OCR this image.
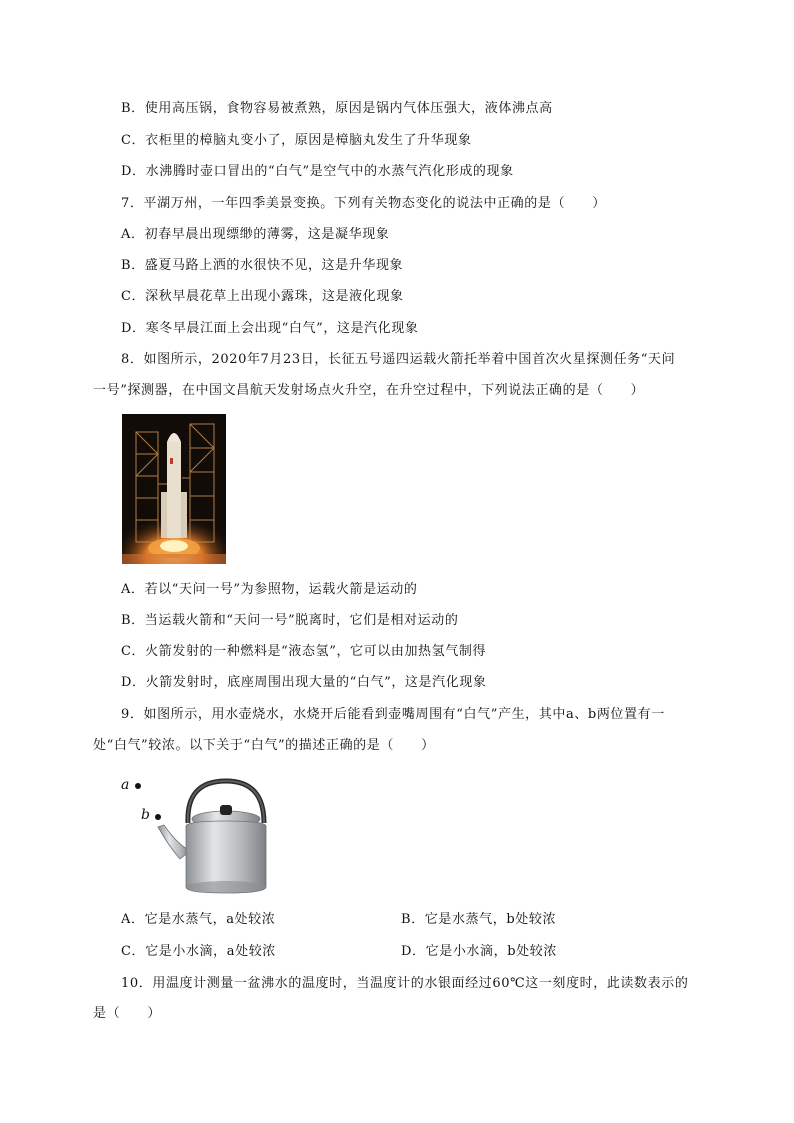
B．使用高压锅，食物容易被煮熟，原因是锅内气体压强大，液体沸点高
C．衣柜里的樟脑丸变小了，原因是樟脑丸发生了升华现象
D．水沸腾时壶口冒出的“白气”是空气中的水蒸气汽化形成的现象
7．平湖万州，一年四季美景变换。下列有关物态变化的说法中正确的是（　　）
A．初春早晨出现缥缈的薄雾，这是凝华现象
B．盛夏马路上洒的水很快不见，这是升华现象
C．深秋早晨花草上出现小露珠，这是液化现象
D．寒冬早晨江面上会出现“白气”，这是汽化现象
8．如图所示，2020年7月23日，长征五号遥四运载火箭托举着中国首次火星探测任务“天问
一号”探测器，在中国文昌航天发射场点火升空，在升空过程中，下列说法正确的是（　　）
A．若以“天问一号”为参照物，运载火箭是运动的
B．当运载火箭和“天问一号”脱离时，它们是相对运动的
C．火箭发射的一种燃料是“液态氢”，它可以由加热氢气制得
D．火箭发射时，底座周围出现大量的“白气”，这是汽化现象
9．如图所示，用水壶烧水，水烧开后能看到壶嘴周围有“白气”产生，其中a、b两位置有一
处“白气”较浓。以下关于“白气”的描述正确的是（　　）
a
b
A．它是水蒸气，a处较浓	B．它是水蒸气，b处较浓
C．它是小水滴，a处较浓	D．它是小水滴，b处较浓
10．用温度计测量一盆沸水的温度时，当温度计的水银面经过60℃这一刻度时，此读数表示的
是（　　）
